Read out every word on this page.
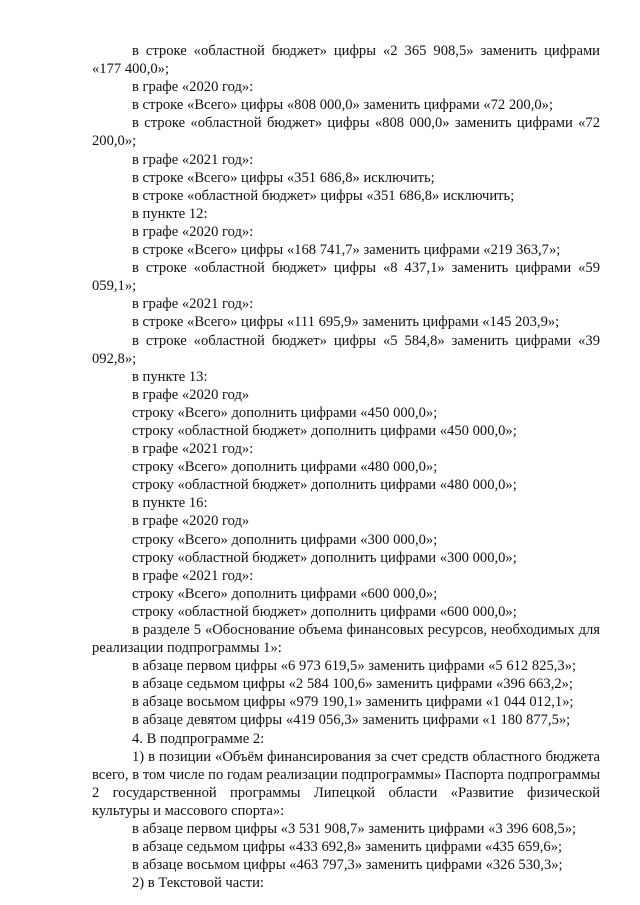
в строке «областной бюджет» цифры «2 365 908,5» заменить цифрами «177 400,0»;

в графе «2020 год»:

в строке «Всего» цифры «808 000,0» заменить цифрами «72 200,0»;

в строке «областной бюджет» цифры «808 000,0» заменить цифрами «72 200,0»;

в графе «2021 год»:

в строке «Всего» цифры «351 686,8» исключить;

в строке «областной бюджет» цифры «351 686,8» исключить;

в пункте 12:

в графе «2020 год»:

в строке «Всего» цифры «168 741,7» заменить цифрами «219 363,7»;

в строке «областной бюджет» цифры «8 437,1» заменить цифрами «59 059,1»;

в графе «2021 год»:

в строке «Всего» цифры «111 695,9» заменить цифрами «145 203,9»;

в строке «областной бюджет» цифры «5 584,8» заменить цифрами «39 092,8»;

в пункте 13:

в графе «2020 год»

строку «Всего» дополнить цифрами «450 000,0»;

строку «областной бюджет» дополнить цифрами «450 000,0»;

в графе «2021 год»:

строку «Всего» дополнить цифрами «480 000,0»;

строку «областной бюджет» дополнить цифрами «480 000,0»;

в пункте 16:

в графе «2020 год»

строку «Всего» дополнить цифрами «300 000,0»;

строку «областной бюджет» дополнить цифрами «300 000,0»;

в графе «2021 год»:

строку «Всего» дополнить цифрами «600 000,0»;

строку «областной бюджет» дополнить цифрами «600 000,0»;

в разделе 5 «Обоснование объема финансовых ресурсов, необходимых для реализации подпрограммы 1»:

в абзаце первом цифры «6 973 619,5» заменить цифрами «5 612 825,3»;

в абзаце седьмом цифры «2 584 100,6» заменить цифрами «396 663,2»;

в абзаце восьмом цифры «979 190,1» заменить цифрами «1 044 012,1»;

в абзаце девятом цифры «419 056,3» заменить цифрами «1 180 877,5»;

4. В подпрограмме 2:

1) в позиции «Объём финансирования за счет средств областного бюджета всего, в том числе по годам реализации подпрограммы» Паспорта подпрограммы 2 государственной программы Липецкой области «Развитие физической культуры и массового спорта»:

в абзаце первом цифры «3 531 908,7» заменить цифрами «3 396 608,5»;

в абзаце седьмом цифры «433 692,8» заменить цифрами «435 659,6»;

в абзаце восьмом цифры «463 797,3» заменить цифрами «326 530,3»;

2) в Текстовой части:
